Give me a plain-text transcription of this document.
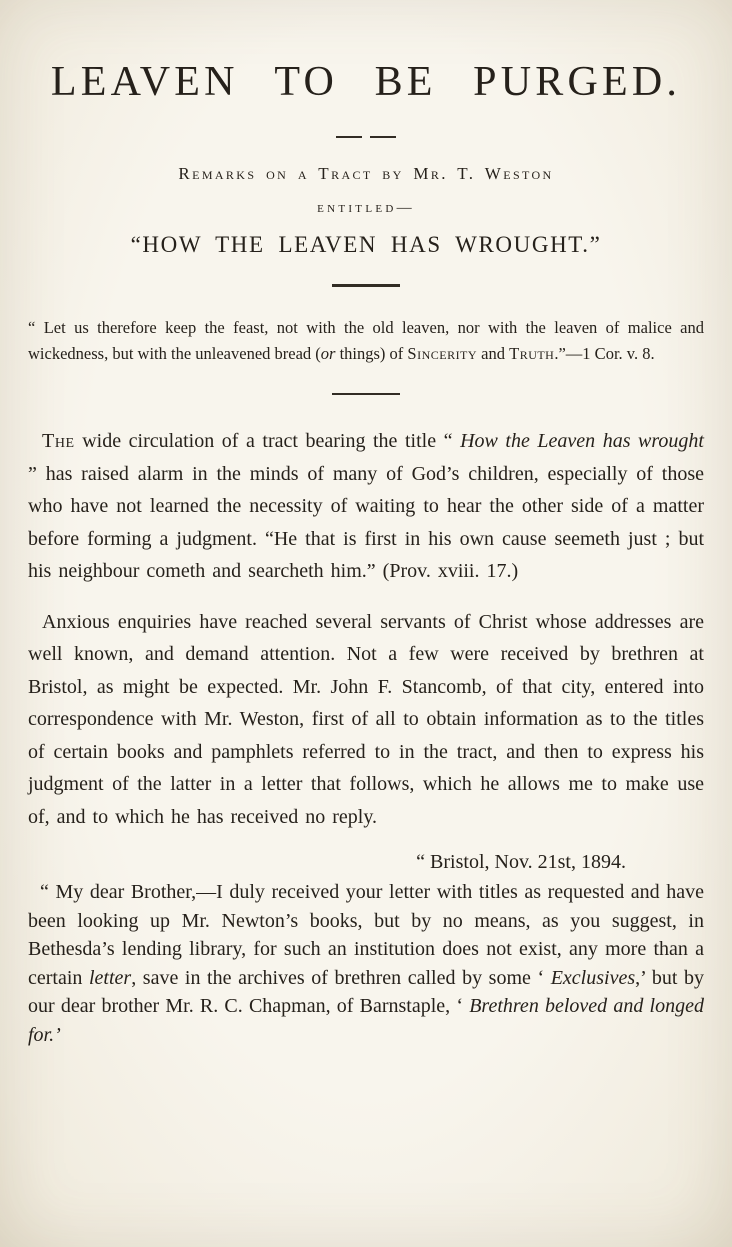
LEAVEN TO BE PURGED.
Remarks on a Tract by Mr. T. Weston
entitled—
“HOW THE LEAVEN HAS WROUGHT.”

“ Let us therefore keep the feast, not with the old leaven, nor with the leaven of malice and wickedness, but with the unleavened bread (or things) of Sincerity and Truth.”—1 Cor. v. 8.

The wide circulation of a tract bearing the title “ How the Leaven has wrought ” has raised alarm in the minds of many of God’s children, especially of those who have not learned the necessity of waiting to hear the other side of a matter before forming a judgment. “He that is first in his own cause seemeth just ; but his neighbour cometh and searcheth him.” (Prov. xviii. 17.)

Anxious enquiries have reached several servants of Christ whose addresses are well known, and demand attention. Not a few were received by brethren at Bristol, as might be expected. Mr. John F. Stancomb, of that city, entered into correspondence with Mr. Weston, first of all to obtain information as to the titles of certain books and pamphlets referred to in the tract, and then to express his judgment of the latter in a letter that follows, which he allows me to make use of, and to which he has received no reply.

“ Bristol, Nov. 21st, 1894.

“ My dear Brother,—I duly received your letter with titles as requested and have been looking up Mr. Newton’s books, but by no means, as you suggest, in Bethesda’s lending library, for such an institution does not exist, any more than a certain letter, save in the archives of brethren called by some ‘ Exclusives,’ but by our dear brother Mr. R. C. Chapman, of Barnstaple, ‘ Brethren beloved and longed for.’
